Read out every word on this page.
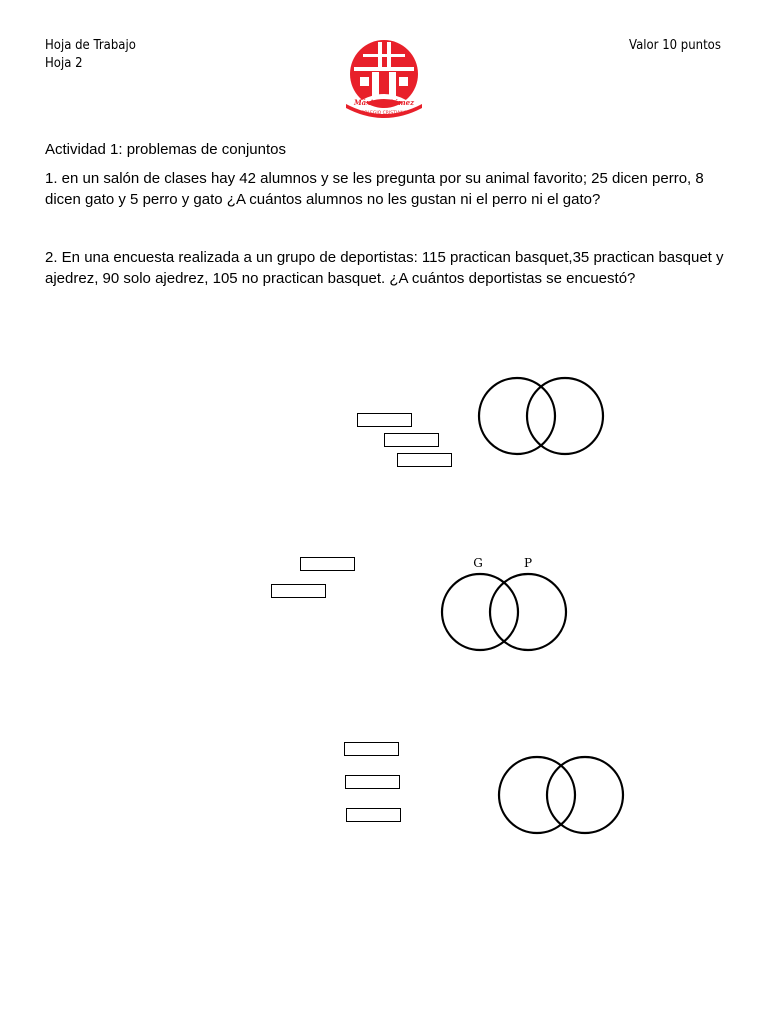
Hoja de Trabajo
Hoja 2
Valor 10 puntos
Máximo Gómez
COLEGIO CRISTIANO
Actividad 1: problemas de conjuntos
1. en un salón de clases hay 42 alumnos y se les pregunta por su animal favorito; 25 dicen perro, 8 dicen gato y 5 perro y gato ¿A cuántos alumnos no les gustan ni el perro ni el gato?
2. En una encuesta realizada a un grupo de deportistas: 115 practican basquet,35 practican basquet y ajedrez, 90 solo ajedrez, 105 no practican basquet. ¿A cuántos deportistas se encuestó?
G	P
